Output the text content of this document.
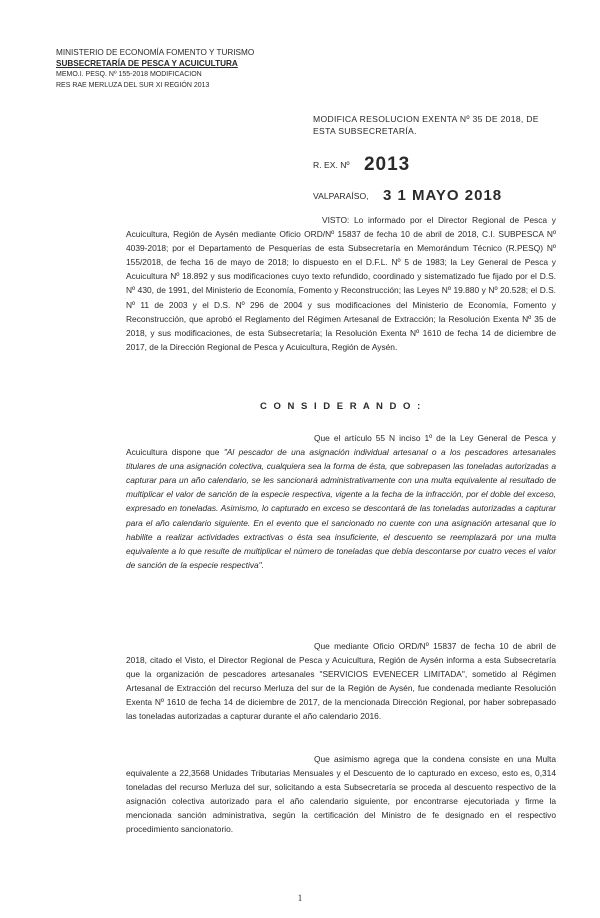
MINISTERIO DE ECONOMÍA FOMENTO Y TURISMO
SUBSECRETARÍA DE PESCA Y ACUICULTURA
MEMO.I. PESQ. Nº 155-2018 MODIFICACION
RES RAE MERLUZA DEL SUR XI REGIÓN 2013
MODIFICA RESOLUCION EXENTA Nº 35 DE 2018, DE ESTA SUBSECRETARÍA.
R. EX. Nº 2013
VALPARAÍSO, 3 1 MAYO 2018
VISTO: Lo informado por el Director Regional de Pesca y Acuicultura, Región de Aysén mediante Oficio ORD/Nº 15837 de fecha 10 de abril de 2018, C.I. SUBPESCA Nº 4039-2018; por el Departamento de Pesquerías de esta Subsecretaría en Memorándum Técnico (R.PESQ) Nº 155/2018, de fecha 16 de mayo de 2018; lo dispuesto en el D.F.L. Nº 5 de 1983; la Ley General de Pesca y Acuicultura Nº 18.892 y sus modificaciones cuyo texto refundido, coordinado y sistematizado fue fijado por el D.S. Nº 430, de 1991, del Ministerio de Economía, Fomento y Reconstrucción; las Leyes Nº 19.880 y Nº 20.528; el D.S. Nº 11 de 2003 y el D.S. Nº 296 de 2004 y sus modificaciones del Ministerio de Economía, Fomento y Reconstrucción, que aprobó el Reglamento del Régimen Artesanal de Extracción; la Resolución Exenta Nº 35 de 2018, y sus modificaciones, de esta Subsecretaría; la Resolución Exenta Nº 1610 de fecha 14 de diciembre de 2017, de la Dirección Regional de Pesca y Acuicultura, Región de Aysén.
C O N S I D E R A N D O :
Que el artículo 55 N inciso 1º de la Ley General de Pesca y Acuicultura dispone que "Al pescador de una asignación individual artesanal o a los pescadores artesanales titulares de una asignación colectiva, cualquiera sea la forma de ésta, que sobrepasen las toneladas autorizadas a capturar para un año calendario, se les sancionará administrativamente con una multa equivalente al resultado de multiplicar el valor de sanción de la especie respectiva, vigente a la fecha de la infracción, por el doble del exceso, expresado en toneladas. Asimismo, lo capturado en exceso se descontará de las toneladas autorizadas a capturar para el año calendario siguiente. En el evento que el sancionado no cuente con una asignación artesanal que lo habilite a realizar actividades extractivas o ésta sea insuficiente, el descuento se reemplazará por una multa equivalente a lo que resulte de multiplicar el número de toneladas que debía descontarse por cuatro veces el valor de sanción de la especie respectiva".
Que mediante Oficio ORD/Nº 15837 de fecha 10 de abril de 2018, citado el Visto, el Director Regional de Pesca y Acuicultura, Región de Aysén informa a esta Subsecretaría que la organización de pescadores artesanales "SERVICIOS EVENECER LIMITADA", sometido al Régimen Artesanal de Extracción del recurso Merluza del sur de la Región de Aysén, fue condenada mediante Resolución Exenta Nº 1610 de fecha 14 de diciembre de 2017, de la mencionada Dirección Regional, por haber sobrepasado las toneladas autorizadas a capturar durante el año calendario 2016.
Que asimismo agrega que la condena consiste en una Multa equivalente a 22,3568 Unidades Tributarias Mensuales y el Descuento de lo capturado en exceso, esto es, 0,314 toneladas del recurso Merluza del sur, solicitando a esta Subsecretaría se proceda al descuento respectivo de la asignación colectiva autorizado para el año calendario siguiente, por encontrarse ejecutoriada y firme la mencionada sanción administrativa, según la certificación del Ministro de fe designado en el respectivo procedimiento sancionatorio.
1
